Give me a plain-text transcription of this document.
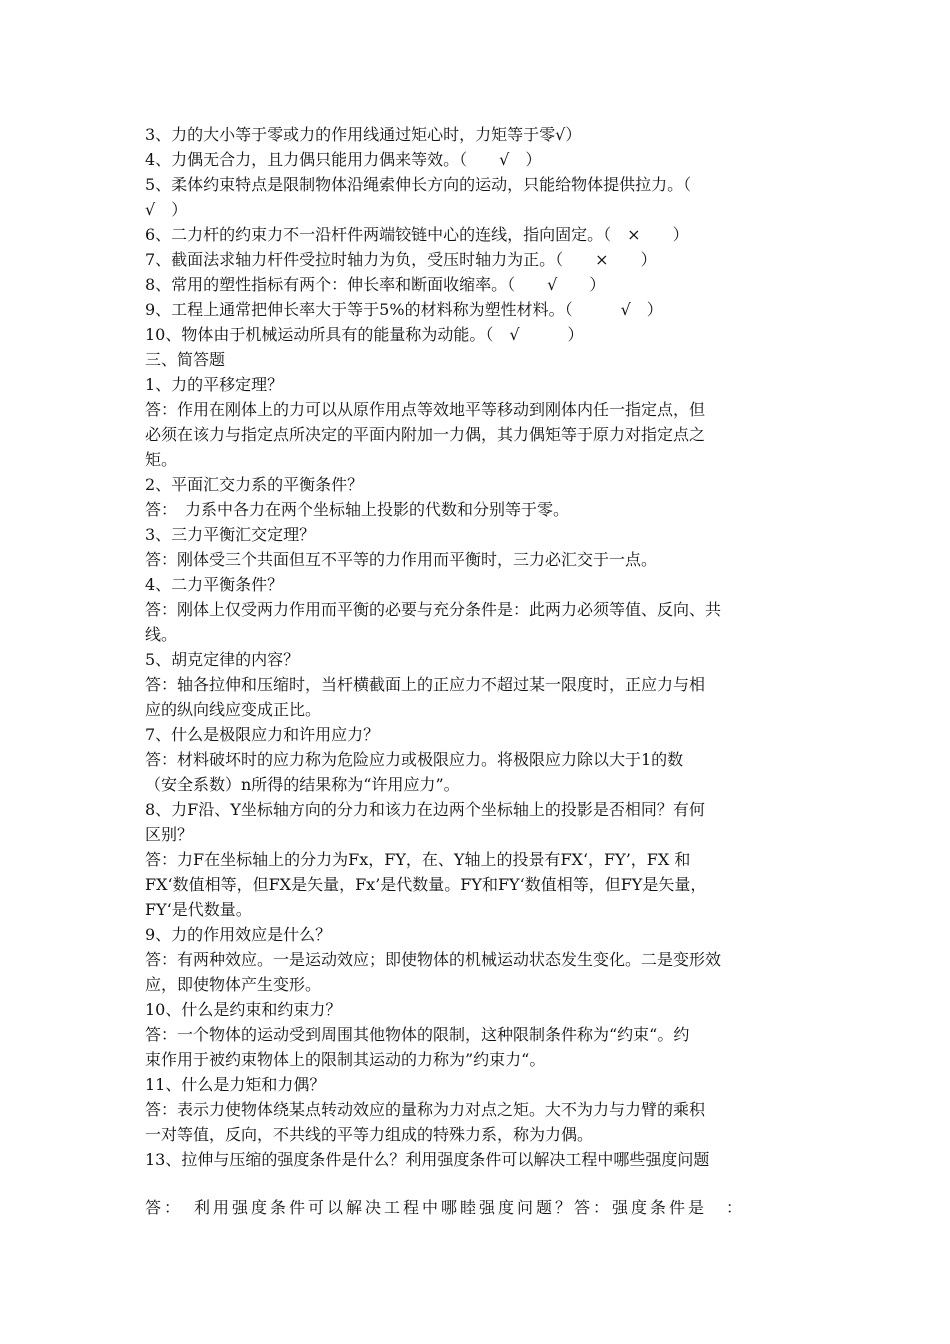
3、力的大小等于零或力的作用线通过矩心时，力矩等于零√）
4、力偶无合力，且力偶只能用力偶来等效。（　　√　）
5、柔体约束特点是限制物体沿绳索伸长方向的运动，只能给物体提供拉力。（
√　）
6、二力杆的约束力不一沿杆件两端铰链中心的连线，指向固定。（　×　　）
7、截面法求轴力杆件受拉时轴力为负，受压时轴力为正。（　　×　　）
8、常用的塑性指标有两个：伸长率和断面收缩率。（　　√　　）
9、工程上通常把伸长率大于等于5%的材料称为塑性材料。（　　　√　）
10、物体由于机械运动所具有的能量称为动能。（　√　　　）
三、简答题
1、力的平移定理？
答：作用在刚体上的力可以从原作用点等效地平等移动到刚体内任一指定点，但
必须在该力与指定点所决定的平面内附加一力偶，其力偶矩等于原力对指定点之
矩。
2、平面汇交力系的平衡条件？
答：　力系中各力在两个坐标轴上投影的代数和分别等于零。
3、三力平衡汇交定理？
答：刚体受三个共面但互不平等的力作用而平衡时，三力必汇交于一点。
4、二力平衡条件？
答：刚体上仅受两力作用而平衡的必要与充分条件是：此两力必须等值、反向、共
线。
5、胡克定律的内容？
答：轴各拉伸和压缩时，当杆横截面上的正应力不超过某一限度时，正应力与相
应的纵向线应变成正比。
7、什么是极限应力和许用应力？
答：材料破坏时的应力称为危险应力或极限应力。将极限应力除以大于1的数
（安全系数）n所得的结果称为“许用应力”。
8、力F沿、Y坐标轴方向的分力和该力在边两个坐标轴上的投影是否相同？有何
区别？
答：力F在坐标轴上的分力为Fx，FY，在、Y轴上的投景有FX‘，FY’，FX 和
FX‘数值相等，但FX是矢量，Fx’是代数量。FY和FY‘数值相等，但FY是矢量，
FY‘是代数量。
9、力的作用效应是什么？
答：有两种效应。一是运动效应；即使物体的机械运动状态发生变化。二是变形效
应，即使物体产生变形。
10、什么是约束和约束力？
答：一个物体的运动受到周围其他物体的限制，这种限制条件称为“约束“。约
束作用于被约束物体上的限制其运动的力称为”约束力“。
11、什么是力矩和力偶？
答：表示力使物体绕某点转动效应的量称为力对点之矩。大不为力与力臂的乘积
一对等值，反向，不共线的平等力组成的特殊力系，称为力偶。
13、拉伸与压缩的强度条件是什么？利用强度条件可以解决工程中哪些强度问题
答：　利用强度条件可以解决工程中哪睦强度问题？答：强度条件是　：
